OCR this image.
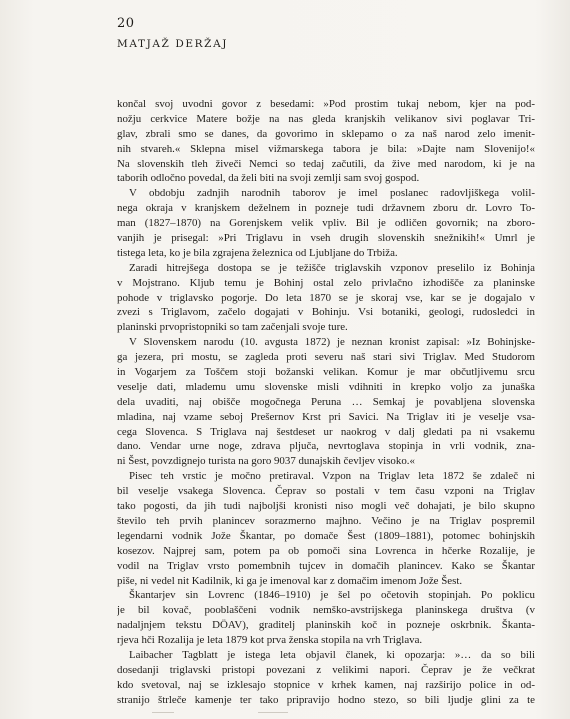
20
MATJAŽ DERŽAJ
končal svoj uvodni govor z besedami: »Pod prostim tukaj nebom, kjer na pod-
nožju cerkvice Matere božje na nas gleda kranjskih velikanov sivi poglavar Tri-
glav, zbrali smo se danes, da govorimo in sklepamo o za naš narod zelo imenit-
nih stvareh.« Sklepna misel vižmarskega tabora je bila: »Dajte nam Slovenijo!«
Na slovenskih tleh živeči Nemci so tedaj začutili, da žive med narodom, ki je na
taborih odločno povedal, da želi biti na svoji zemlji sam svoj gospod.
V obdobju zadnjih narodnih taborov je imel poslanec radovljiškega volil-
nega okraja v kranjskem deželnem in pozneje tudi državnem zboru dr. Lovro To-
man (1827–1870) na Gorenjskem velik vpliv. Bil je odličen govornik; na zboro-
vanjih je prisegal: »Pri Triglavu in vseh drugih slovenskih snežnikih!« Umrl je
tistega leta, ko je bila zgrajena železnica od Ljubljane do Trbiža.
Zaradi hitrejšega dostopa se je težišče triglavskih vzponov preselilo iz Bohinja
v Mojstrano. Kljub temu je Bohinj ostal zelo privlačno izhodišče za planinske
pohode v triglavsko pogorje. Do leta 1870 se je skoraj vse, kar se je dogajalo v
zvezi s Triglavom, začelo dogajati v Bohinju. Vsi botaniki, geologi, rudosledci in
planinski prvopristopniki so tam začenjali svoje ture.
V Slovenskem narodu (10. avgusta 1872) je neznan kronist zapisal: »Iz Bohinjske-
ga jezera, pri mostu, se zagleda proti severu naš stari sivi Triglav. Med Studorom
in Vogarjem za Toščem stoji božanski velikan. Komur je mar občutljivemu srcu
veselje dati, mlademu umu slovenske misli vdihniti in krepko voljo za junaška
dela uvaditi, naj obišče mogočnega Peruna … Semkaj je povabljena slovenska
mladina, naj vzame seboj Prešernov Krst pri Savici. Na Triglav iti je veselje vsa-
cega Slovenca. S Triglava naj šestdeset ur naokrog v dalj gledati pa ni vsakemu
dano. Vendar urne noge, zdrava pljuča, nevrtoglava stopinja in vrli vodnik, zna-
ni Šest, povzdignejo turista na goro 9037 dunajskih čevljev visoko.«
Pisec teh vrstic je močno pretiraval. Vzpon na Triglav leta 1872 še zdaleč ni
bil veselje vsakega Slovenca. Čeprav so postali v tem času vzponi na Triglav
tako pogosti, da jih tudi najboljši kronisti niso mogli več dohajati, je bilo skupno
število teh prvih planincev sorazmerno majhno. Večino je na Triglav pospremil
legendarni vodnik Jože Škantar, po domače Šest (1809–1881), potomec bohinjskih
kosezov. Najprej sam, potem pa ob pomoči sina Lovrenca in hčerke Rozalije, je
vodil na Triglav vrsto pomembnih tujcev in domačih planincev. Kako se Škantar
piše, ni vedel nit Kadilnik, ki ga je imenoval kar z domačim imenom Jože Šest.
Škantarjev sin Lovrenc (1846–1910) je šel po očetovih stopinjah. Po poklicu
je bil kovač, pooblaščeni vodnik nemško-avstrijskega planinskega društva (v
nadaljnjem tekstu DÖAV), graditelj planinskih koč in pozneje oskrbnik. Škanta-
rjeva hči Rozalija je leta 1879 kot prva ženska stopila na vrh Triglava.
Laibacher Tagblatt je istega leta objavil članek, ki opozarja: »… da so bili
dosedanji triglavski pristopi povezani z velikimi napori. Čeprav je že večkrat
kdo svetoval, naj se izklesajo stopnice v krhek kamen, naj razširijo police in od-
stranijo štrleče kamenje ter tako pripravijo hodno stezo, so bili ljudje glini za te
